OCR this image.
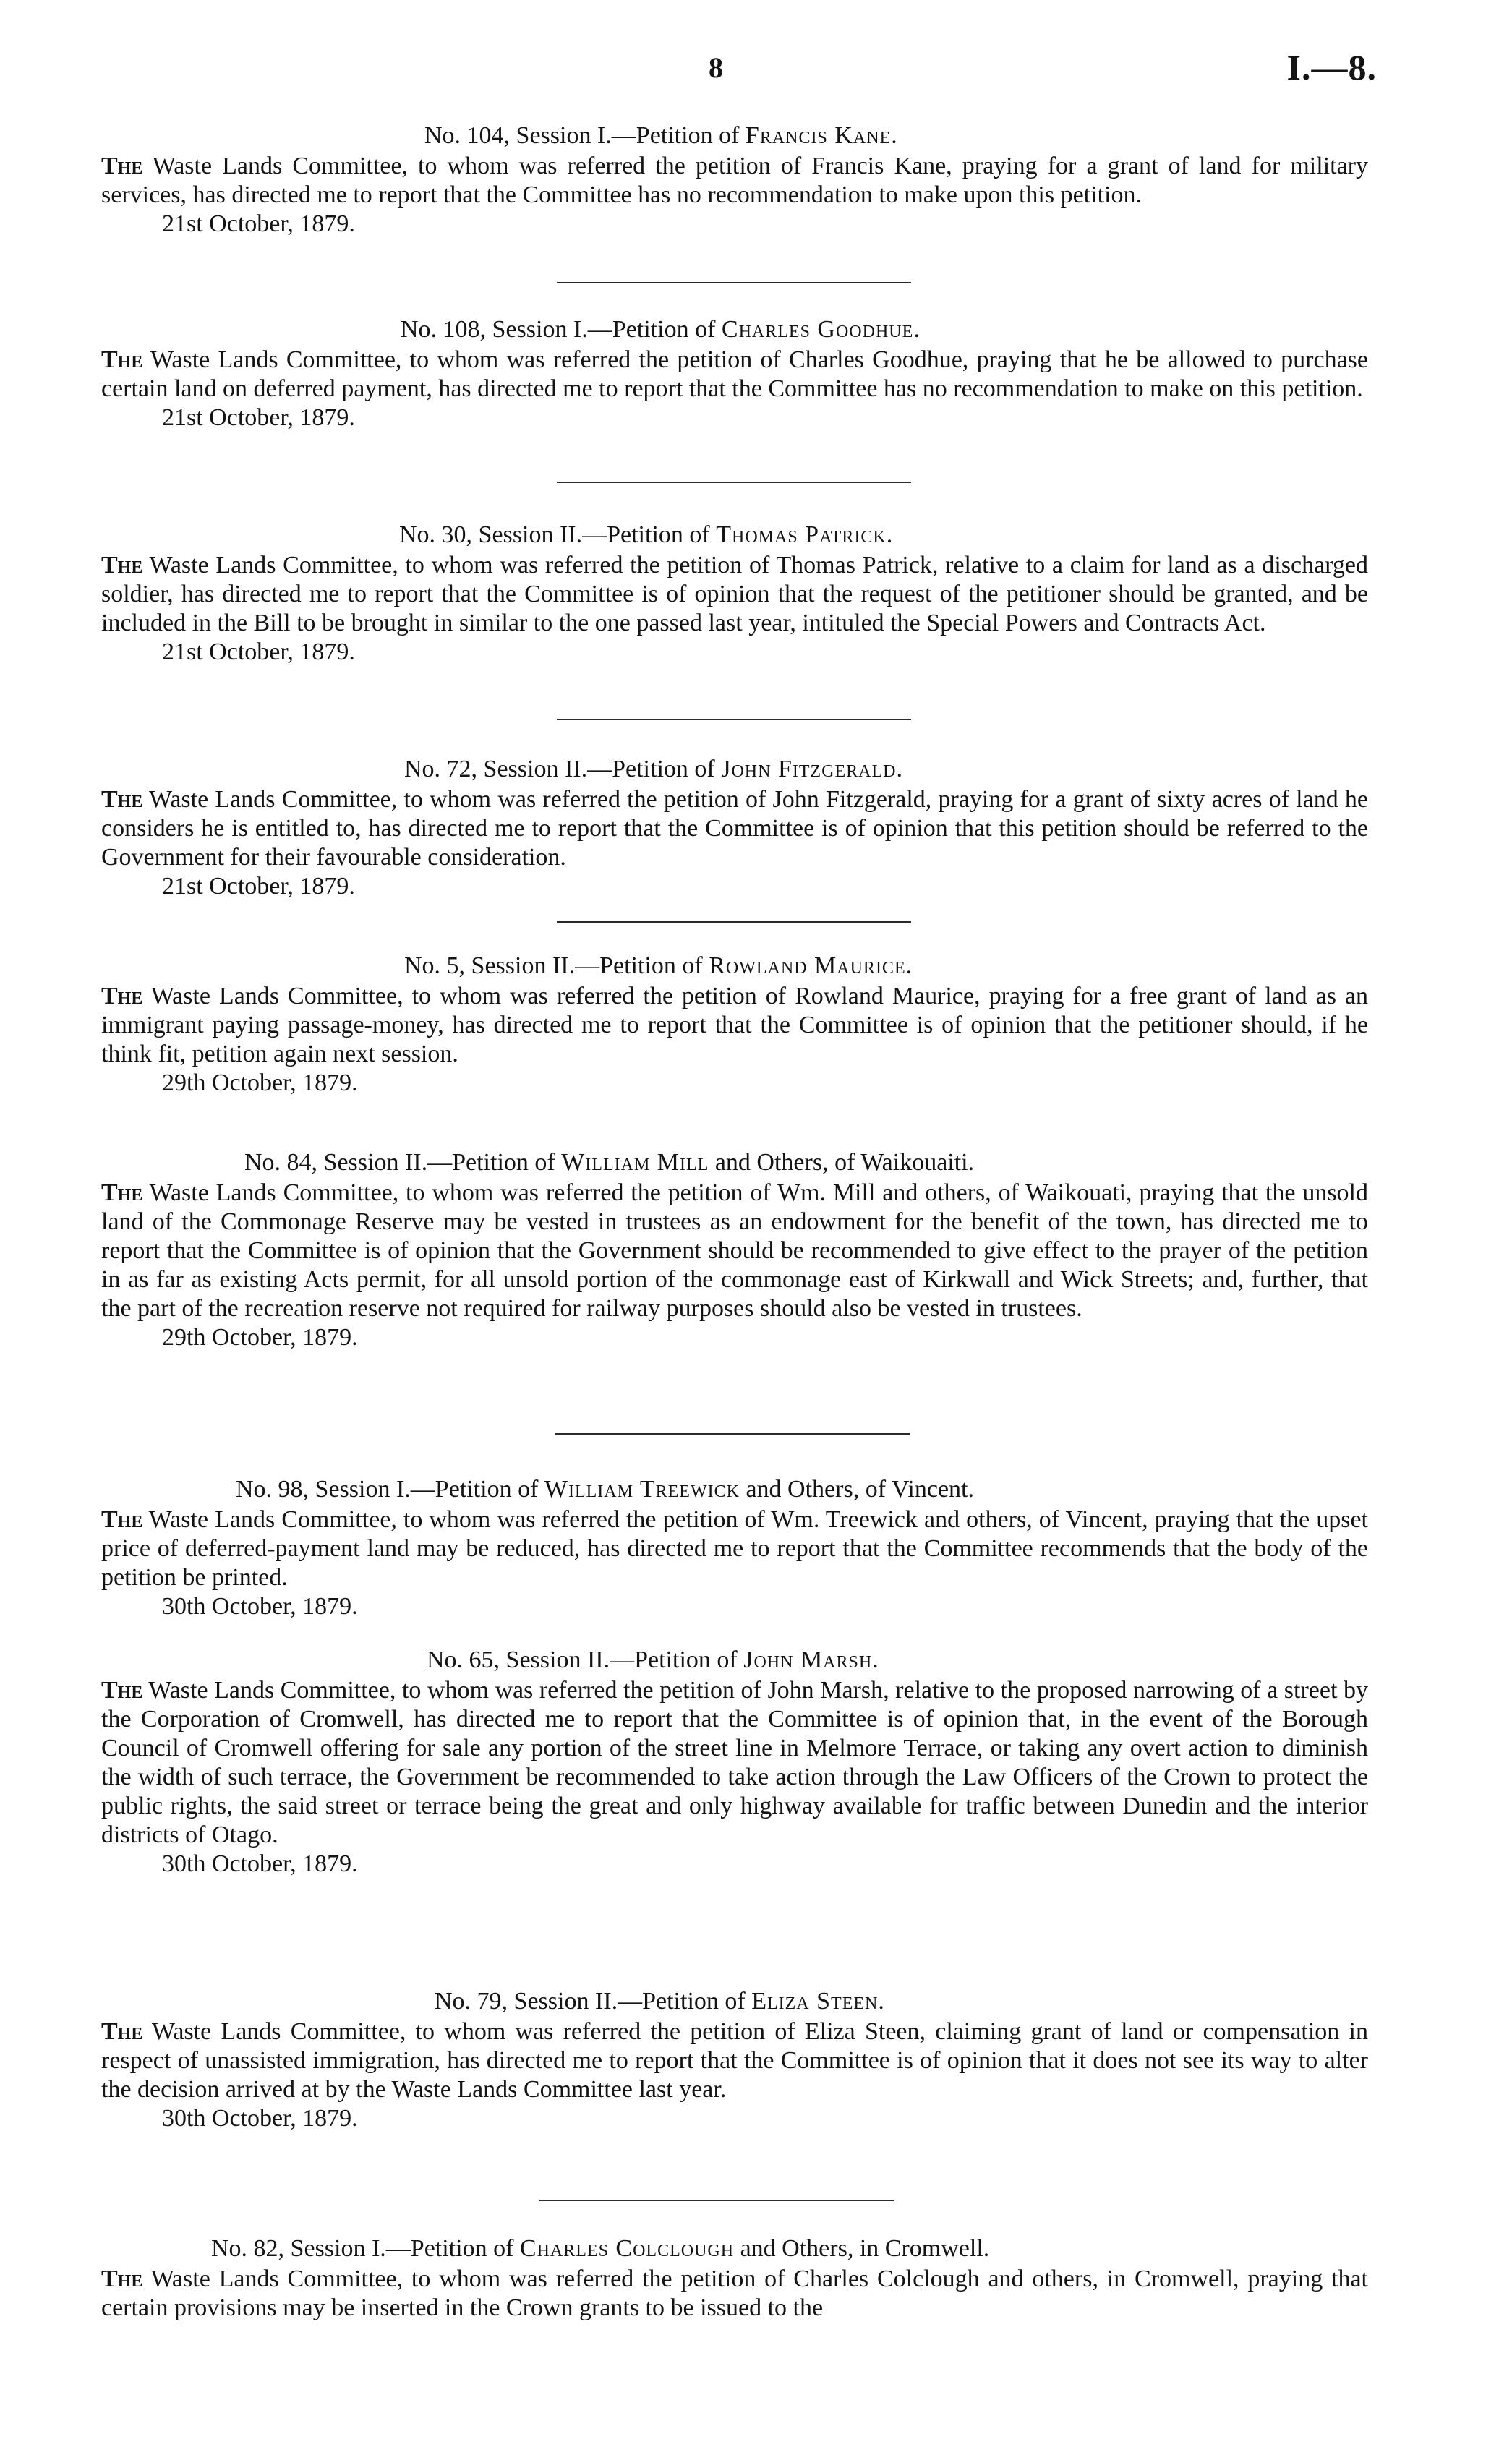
8	I.—8.
No. 104, Session I.—Petition of Francis Kane.

The Waste Lands Committee, to whom was referred the petition of Francis Kane, praying for a grant of land for military services, has directed me to report that the Committee has no recommendation to make upon this petition.

21st October, 1879.
No. 108, Session I.—Petition of Charles Goodhue.

The Waste Lands Committee, to whom was referred the petition of Charles Goodhue, praying that he be allowed to purchase certain land on deferred payment, has directed me to report that the Committee has no recommendation to make on this petition.

21st October, 1879.
No. 30, Session II.—Petition of Thomas Patrick.

The Waste Lands Committee, to whom was referred the petition of Thomas Patrick, relative to a claim for land as a discharged soldier, has directed me to report that the Committee is of opinion that the request of the petitioner should be granted, and be included in the Bill to be brought in similar to the one passed last year, intituled the Special Powers and Contracts Act.

21st October, 1879.
No. 72, Session II.—Petition of John Fitzgerald.

The Waste Lands Committee, to whom was referred the petition of John Fitzgerald, praying for a grant of sixty acres of land he considers he is entitled to, has directed me to report that the Committee is of opinion that this petition should be referred to the Government for their favourable consideration.

21st October, 1879.
No. 5, Session II.—Petition of Rowland Maurice.

The Waste Lands Committee, to whom was referred the petition of Rowland Maurice, praying for a free grant of land as an immigrant paying passage-money, has directed me to report that the Committee is of opinion that the petitioner should, if he think fit, petition again next session.

29th October, 1879.
No. 84, Session II.—Petition of William Mill and Others, of Waikouaiti.

The Waste Lands Committee, to whom was referred the petition of Wm. Mill and others, of Waikouati, praying that the unsold land of the Commonage Reserve may be vested in trustees as an endowment for the benefit of the town, has directed me to report that the Committee is of opinion that the Government should be recommended to give effect to the prayer of the petition in as far as existing Acts permit, for all unsold portion of the commonage east of Kirkwall and Wick Streets; and, further, that the part of the recreation reserve not required for railway purposes should also be vested in trustees.

29th October, 1879.
No. 98, Session I.—Petition of William Treewick and Others, of Vincent.

The Waste Lands Committee, to whom was referred the petition of Wm. Treewick and others, of Vincent, praying that the upset price of deferred-payment land may be reduced, has directed me to report that the Committee recommends that the body of the petition be printed.

30th October, 1879.
No. 65, Session II.—Petition of John Marsh.

The Waste Lands Committee, to whom was referred the petition of John Marsh, relative to the proposed narrowing of a street by the Corporation of Cromwell, has directed me to report that the Committee is of opinion that, in the event of the Borough Council of Cromwell offering for sale any portion of the street line in Melmore Terrace, or taking any overt action to diminish the width of such terrace, the Government be recommended to take action through the Law Officers of the Crown to protect the public rights, the said street or terrace being the great and only highway available for traffic between Dunedin and the interior districts of Otago.

30th October, 1879.
No. 79, Session II.—Petition of Eliza Steen.

The Waste Lands Committee, to whom was referred the petition of Eliza Steen, claiming grant of land or compensation in respect of unassisted immigration, has directed me to report that the Committee is of opinion that it does not see its way to alter the decision arrived at by the Waste Lands Committee last year.

30th October, 1879.
No. 82, Session I.—Petition of Charles Colclough and Others, in Cromwell.

The Waste Lands Committee, to whom was referred the petition of Charles Colclough and others, in Cromwell, praying that certain provisions may be inserted in the Crown grants to be issued to the
